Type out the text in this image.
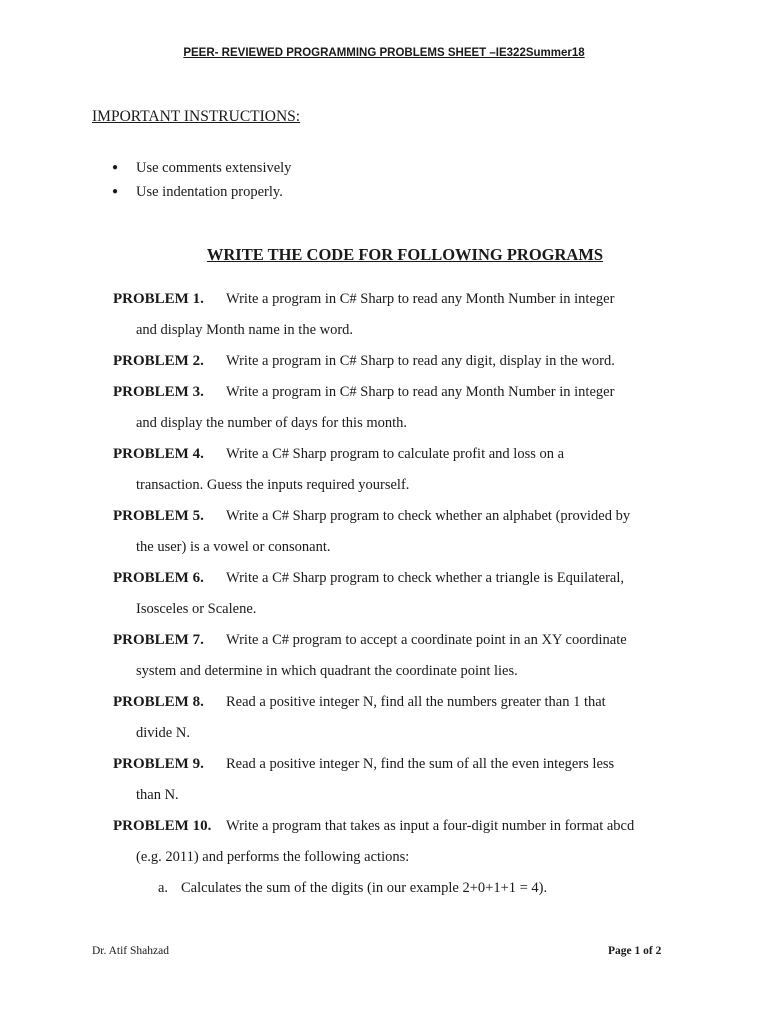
PEER- REVIEWED PROGRAMMING PROBLEMS SHEET –IE322Summer18
IMPORTANT INSTRUCTIONS:
●	Use comments extensively
●	Use indentation properly.
WRITE THE CODE FOR FOLLOWING PROGRAMS
PROBLEM 1. Write a program in C# Sharp to read any Month Number in integer
and display Month name in the word.
PROBLEM 2. Write a program in C# Sharp to read any digit, display in the word.
PROBLEM 3. Write a program in C# Sharp to read any Month Number in integer
and display the number of days for this month.
PROBLEM 4. Write a C# Sharp program to calculate profit and loss on a
transaction. Guess the inputs required yourself.
PROBLEM 5. Write a C# Sharp program to check whether an alphabet (provided by
the user) is a vowel or consonant.
PROBLEM 6. Write a C# Sharp program to check whether a triangle is Equilateral,
Isosceles or Scalene.
PROBLEM 7. Write a C# program to accept a coordinate point in an XY coordinate
system and determine in which quadrant the coordinate point lies.
PROBLEM 8. Read a positive integer N, find all the numbers greater than 1 that
divide N.
PROBLEM 9. Read a positive integer N, find the sum of all the even integers less
than N.
PROBLEM 10. Write a program that takes as input a four-digit number in format abcd
(e.g. 2011) and performs the following actions:
a. Calculates the sum of the digits (in our example 2+0+1+1 = 4).
Dr. Atif Shahzad	Page 1 of 2
